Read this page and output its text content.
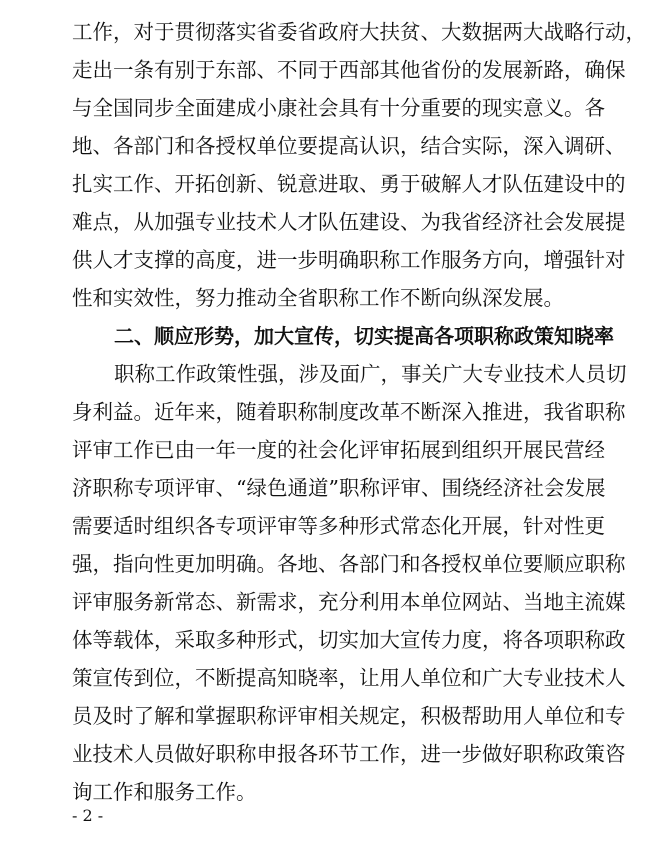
工作，对于贯彻落实省委省政府大扶贫、大数据两大战略行动，
走出一条有别于东部、不同于西部其他省份的发展新路，确保
与全国同步全面建成小康社会具有十分重要的现实意义。各
地、各部门和各授权单位要提高认识，结合实际，深入调研、
扎实工作、开拓创新、锐意进取、勇于破解人才队伍建设中的
难点，从加强专业技术人才队伍建设、为我省经济社会发展提
供人才支撑的高度，进一步明确职称工作服务方向，增强针对
性和实效性，努力推动全省职称工作不断向纵深发展。
二、顺应形势，加大宣传，切实提高各项职称政策知晓率
职称工作政策性强，涉及面广，事关广大专业技术人员切
身利益。近年来，随着职称制度改革不断深入推进，我省职称
评审工作已由一年一度的社会化评审拓展到组织开展民营经
济职称专项评审、“绿色通道”职称评审、围绕经济社会发展
需要适时组织各专项评审等多种形式常态化开展，针对性更
强，指向性更加明确。各地、各部门和各授权单位要顺应职称
评审服务新常态、新需求，充分利用本单位网站、当地主流媒
体等载体，采取多种形式，切实加大宣传力度，将各项职称政
策宣传到位，不断提高知晓率，让用人单位和广大专业技术人
员及时了解和掌握职称评审相关规定，积极帮助用人单位和专
业技术人员做好职称申报各环节工作，进一步做好职称政策咨
询工作和服务工作。
- 2 -
